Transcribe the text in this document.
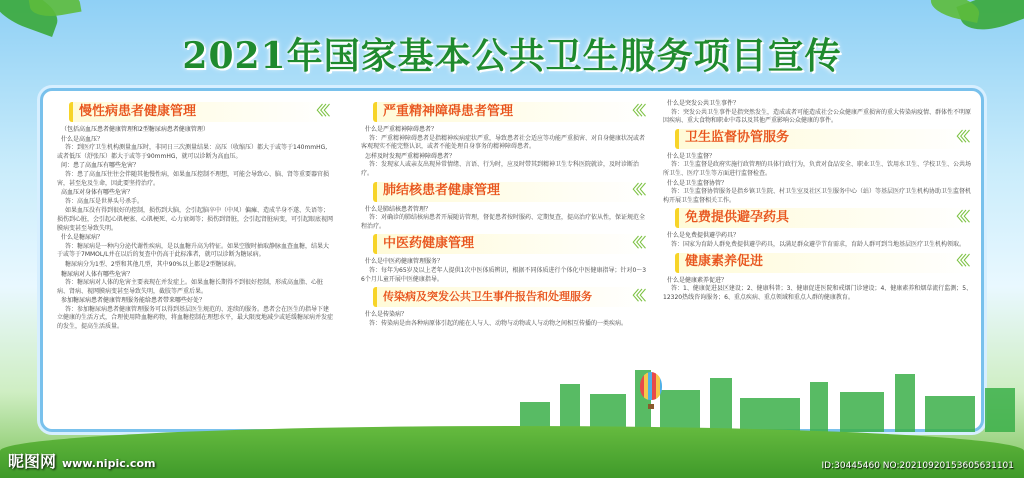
2021年国家基本公共卫生服务项目宣传
慢性病患者健康管理	〈〈〈
（包括高血压患者健康管理和2型糖尿病患者健康管理）
什么是高血压？
答：到医疗卫生机构测量血压时，非同日三次测量结果：高压（收缩压）都大于或等于140mmHG,或者低压（舒张压）都大于或等于90mmHG，就可以诊断为高血压。
问：患了高血压有哪些危害？
答：患了高血压往往会伴随其他慢性病，如果血压控制不理想，可能会导致心、脑、肾等重要器官损害，甚至危及生命，因此要坚持治疗。
高血压对身体有哪些危害？
答：高血压是世界头号杀手。
如果血压没有得到很好的控制，损伤到大脑，会引起脑卒中（中风）偏瘫、造成半身不遂、失语等；损伤到心脏，会引起心肌梗塞、心肌梗死、心力衰竭等；损伤到肾脏，会引起肾脏病变，可引起眼底视网膜病变甚至导致失明。
什么是糖尿病？
答：糖尿病是一种内分泌代谢性疾病，是以血糖升高为特征。如果空腹时抽取静脉血查血糖，结果大于或等于7MMOL/L并在以后的复查中仍高于此标准者，就可以诊断为糖尿病。
糖尿病分为1型、2型和其他几型，其中90%以上都是2型糖尿病。
糖尿病对人体有哪些危害？
答：糖尿病对人体的危害主要表现在并发症上。如果血糖长期得不到很好控制，形成高血脂、心脏病、肾病、视网膜病变甚至导致失明，截肢等严重后果。
参加糖尿病患者健康管理服务能给患者带来哪些好处？
答：参加糖尿病患者健康管理服务可以得到基层医生规范的、连续的服务。患者会在医生的指导下建立健康的生活方式，合理使用降血糖药物，将血糖控制在理想水平，最大限度地减少或延缓糖尿病并发症的发生，提高生活质量。
严重精神障碍患者管理	〈〈〈
什么是严重精神障碍患者？
答：严重精神障碍患者是指精神疾病症状严重，导致患者社会适应等功能严重损害、对自身健康状况或者客观现实不能完整认识，或者不能处理自身事务的精神障碍患者。
怎样及时发现严重精神障碍患者？
答：发现家人或亲友出现异常情绪、言语、行为时，应及时带其到精神卫生专科医院就诊，及时诊断治疗。
肺结核患者健康管理	〈〈〈
什么是肺结核患者管理？
答：对确诊的肺结核病患者开展随访管理，督促患者按时服药、定期复查，提高治疗依从性，保证规范全程治疗。
中医药健康管理	〈〈〈
什么是中医药健康管理服务？
答：每年为65岁及以上老年人提供1次中医体质辨识，根据不同体质进行个体化中医健康指导；针对0～36个月儿童开展中医健康指导。
传染病及突发公共卫生事件报告和处理服务	〈〈〈
什么是传染病？
答：传染病是由各种病原体引起的能在人与人、动物与动物或人与动物之间相互传播的一类疾病。
什么是突发公共卫生事件？
答：突发公共卫生事件是指突然发生，造成或者可能造成社会公众健康严重损害的重大传染病疫情、群体性不明原因疾病、重大食物和职业中毒以及其他严重影响公众健康的事件。
卫生监督协管服务	〈〈〈
什么是卫生监督？
答：卫生监督是政府实施行政管理的具体行政行为，负责对食品安全、职业卫生、饮用水卫生、学校卫生、公共场所卫生、医疗卫生等方面进行监督检查。
什么是卫生监督协管？
答：卫生监督协管服务是指乡镇卫生院、村卫生室及社区卫生服务中心（站）等基层医疗卫生机构协助卫生监督机构开展卫生监督相关工作。
免费提供避孕药具	〈〈〈
什么是免费提供避孕药具？
答：国家为育龄人群免费提供避孕药具，以满足群众避孕节育需求，育龄人群可到当地基层医疗卫生机构领取。
健康素养促进	〈〈〈
什么是健康素养促进？
答：1、健康促进县区建设；2、健康科普；3、健康促进医院和戒烟门诊建设；4、健康素养和烟草流行监测；5、12320热线咨询服务；6、重点疾病、重点领域和重点人群的健康教育。
昵图网 www.nipic.com	ID:30445460 NO:20210920153605631101
